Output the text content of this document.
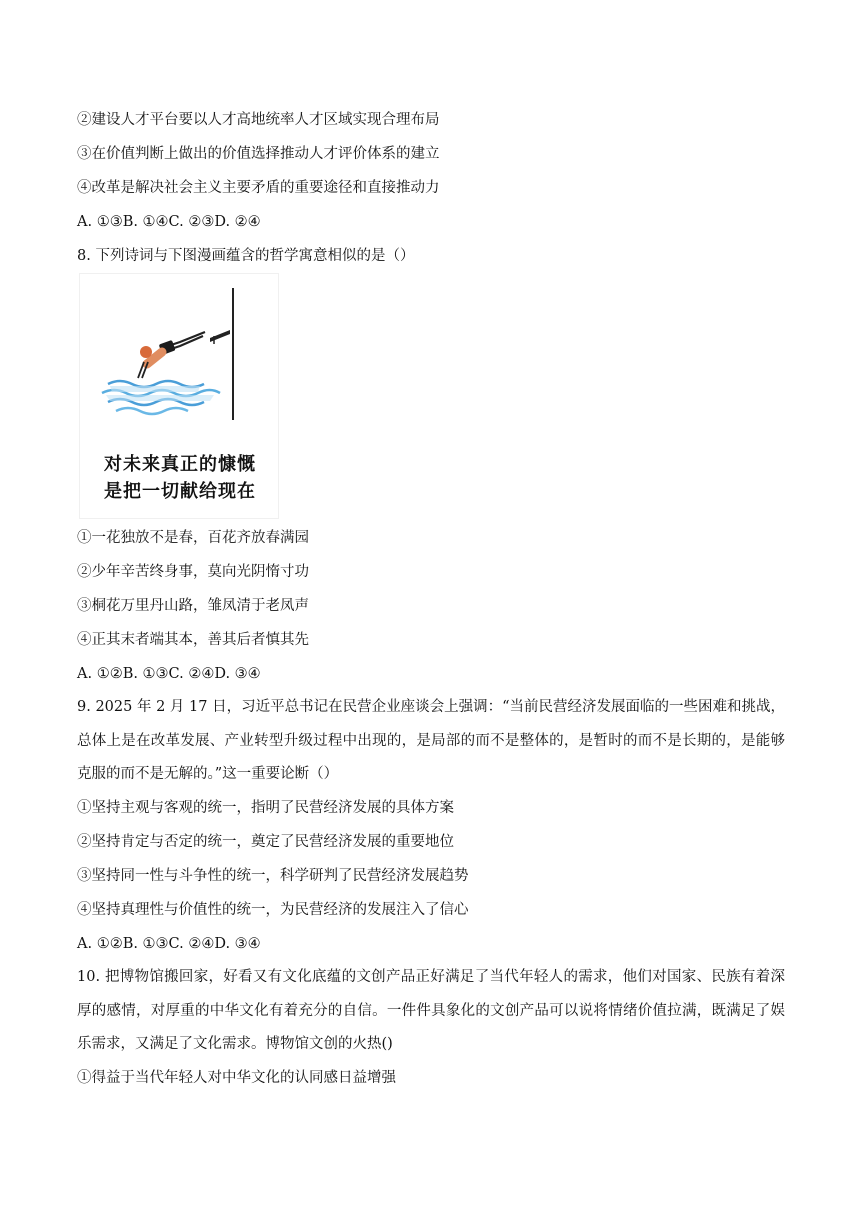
②建设人才平台要以人才高地统率人才区域实现合理布局
③在价值判断上做出的价值选择推动人才评价体系的建立
④改革是解决社会主义主要矛盾的重要途径和直接推动力
A. ①③B. ①④C. ②③D. ②④
8. 下列诗词与下图漫画蕴含的哲学寓意相似的是（）
对未来真正的慷慨
是把一切献给现在
①一花独放不是春，百花齐放春满园
②少年辛苦终身事，莫向光阴惰寸功
③桐花万里丹山路，雏凤清于老凤声
④正其末者端其本，善其后者慎其先
A. ①②B. ①③C. ②④D. ③④
9. 2025 年 2 月 17 日，习近平总书记在民营企业座谈会上强调：“当前民营经济发展面临的一些困难和挑战，总体上是在改革发展、产业转型升级过程中出现的，是局部的而不是整体的，是暂时的而不是长期的，是能够克服的而不是无解的。”这一重要论断（）
①坚持主观与客观的统一，指明了民营经济发展的具体方案
②坚持肯定与否定的统一，奠定了民营经济发展的重要地位
③坚持同一性与斗争性的统一，科学研判了民营经济发展趋势
④坚持真理性与价值性的统一，为民营经济的发展注入了信心
A. ①②B. ①③C. ②④D. ③④
10. 把博物馆搬回家，好看又有文化底蕴的文创产品正好满足了当代年轻人的需求，他们对国家、民族有着深厚的感情，对厚重的中华文化有着充分的自信。一件件具象化的文创产品可以说将情绪价值拉满，既满足了娱乐需求，又满足了文化需求。博物馆文创的火热()
①得益于当代年轻人对中华文化的认同感日益增强
